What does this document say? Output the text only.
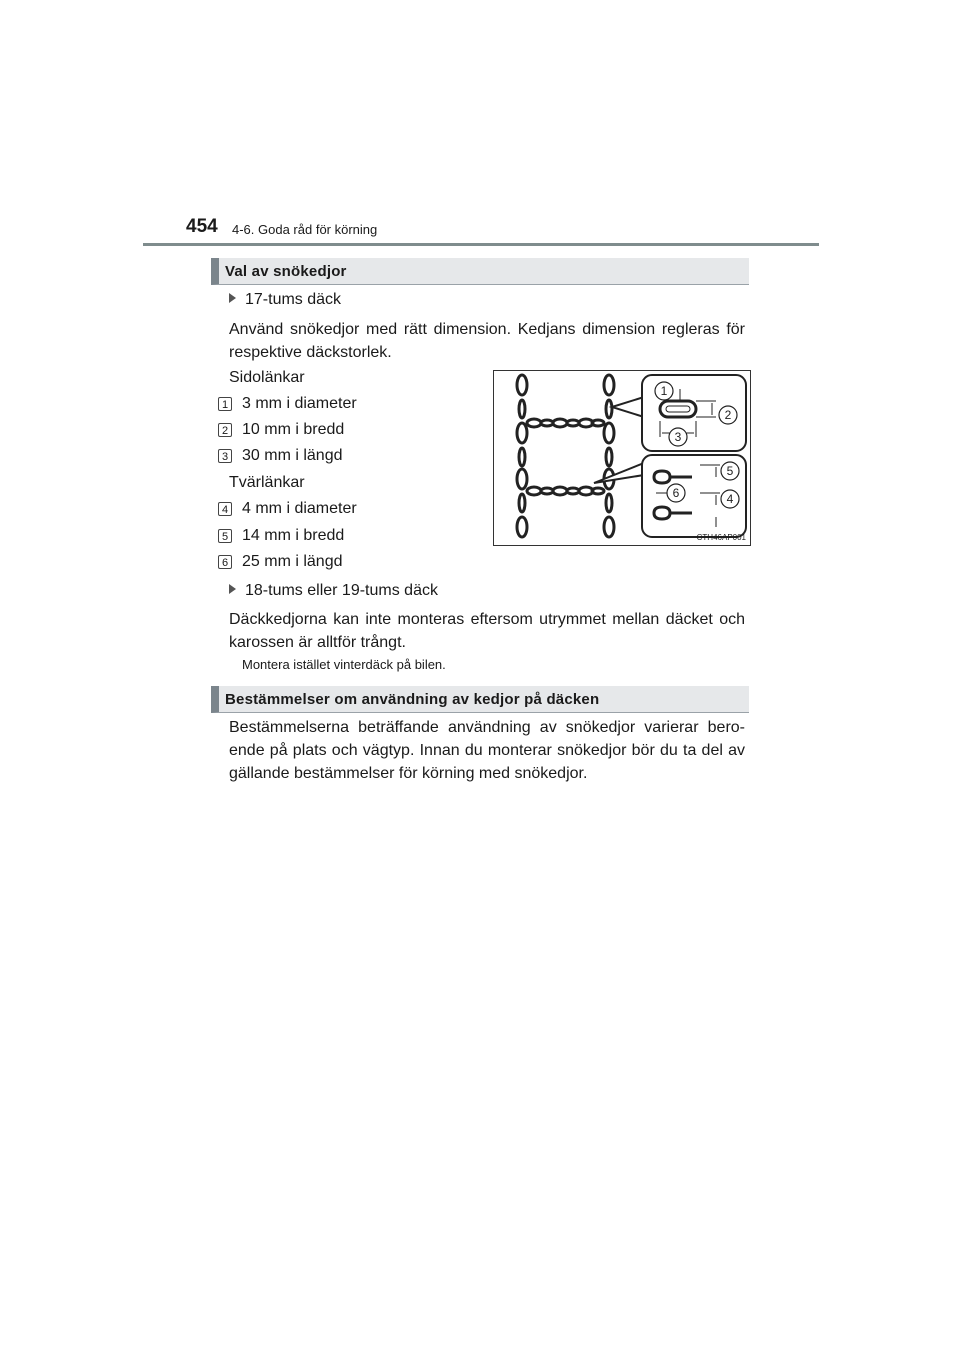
454 4-6. Goda råd för körning
Val av snökedjor
17-tums däck
Använd snökedjor med rätt dimension. Kedjans dimension regleras för respektive däckstorlek.
Sidolänkar
1 3 mm i diameter
2 10 mm i bredd
3 30 mm i längd
Tvärlänkar
4 4 mm i diameter
5 14 mm i bredd
6 25 mm i längd
1
2
3
4
5
6
CTH46AP001
18-tums eller 19-tums däck
Däckkedjorna kan inte monteras eftersom utrymmet mellan däcket och karossen är alltför trångt.
Montera istället vinterdäck på bilen.
Bestämmelser om användning av kedjor på däcken
Bestämmelserna beträffande användning av snökedjor varierar bero-ende på plats och vägtyp. Innan du monterar snökedjor bör du ta del av gällande bestämmelser för körning med snökedjor.
